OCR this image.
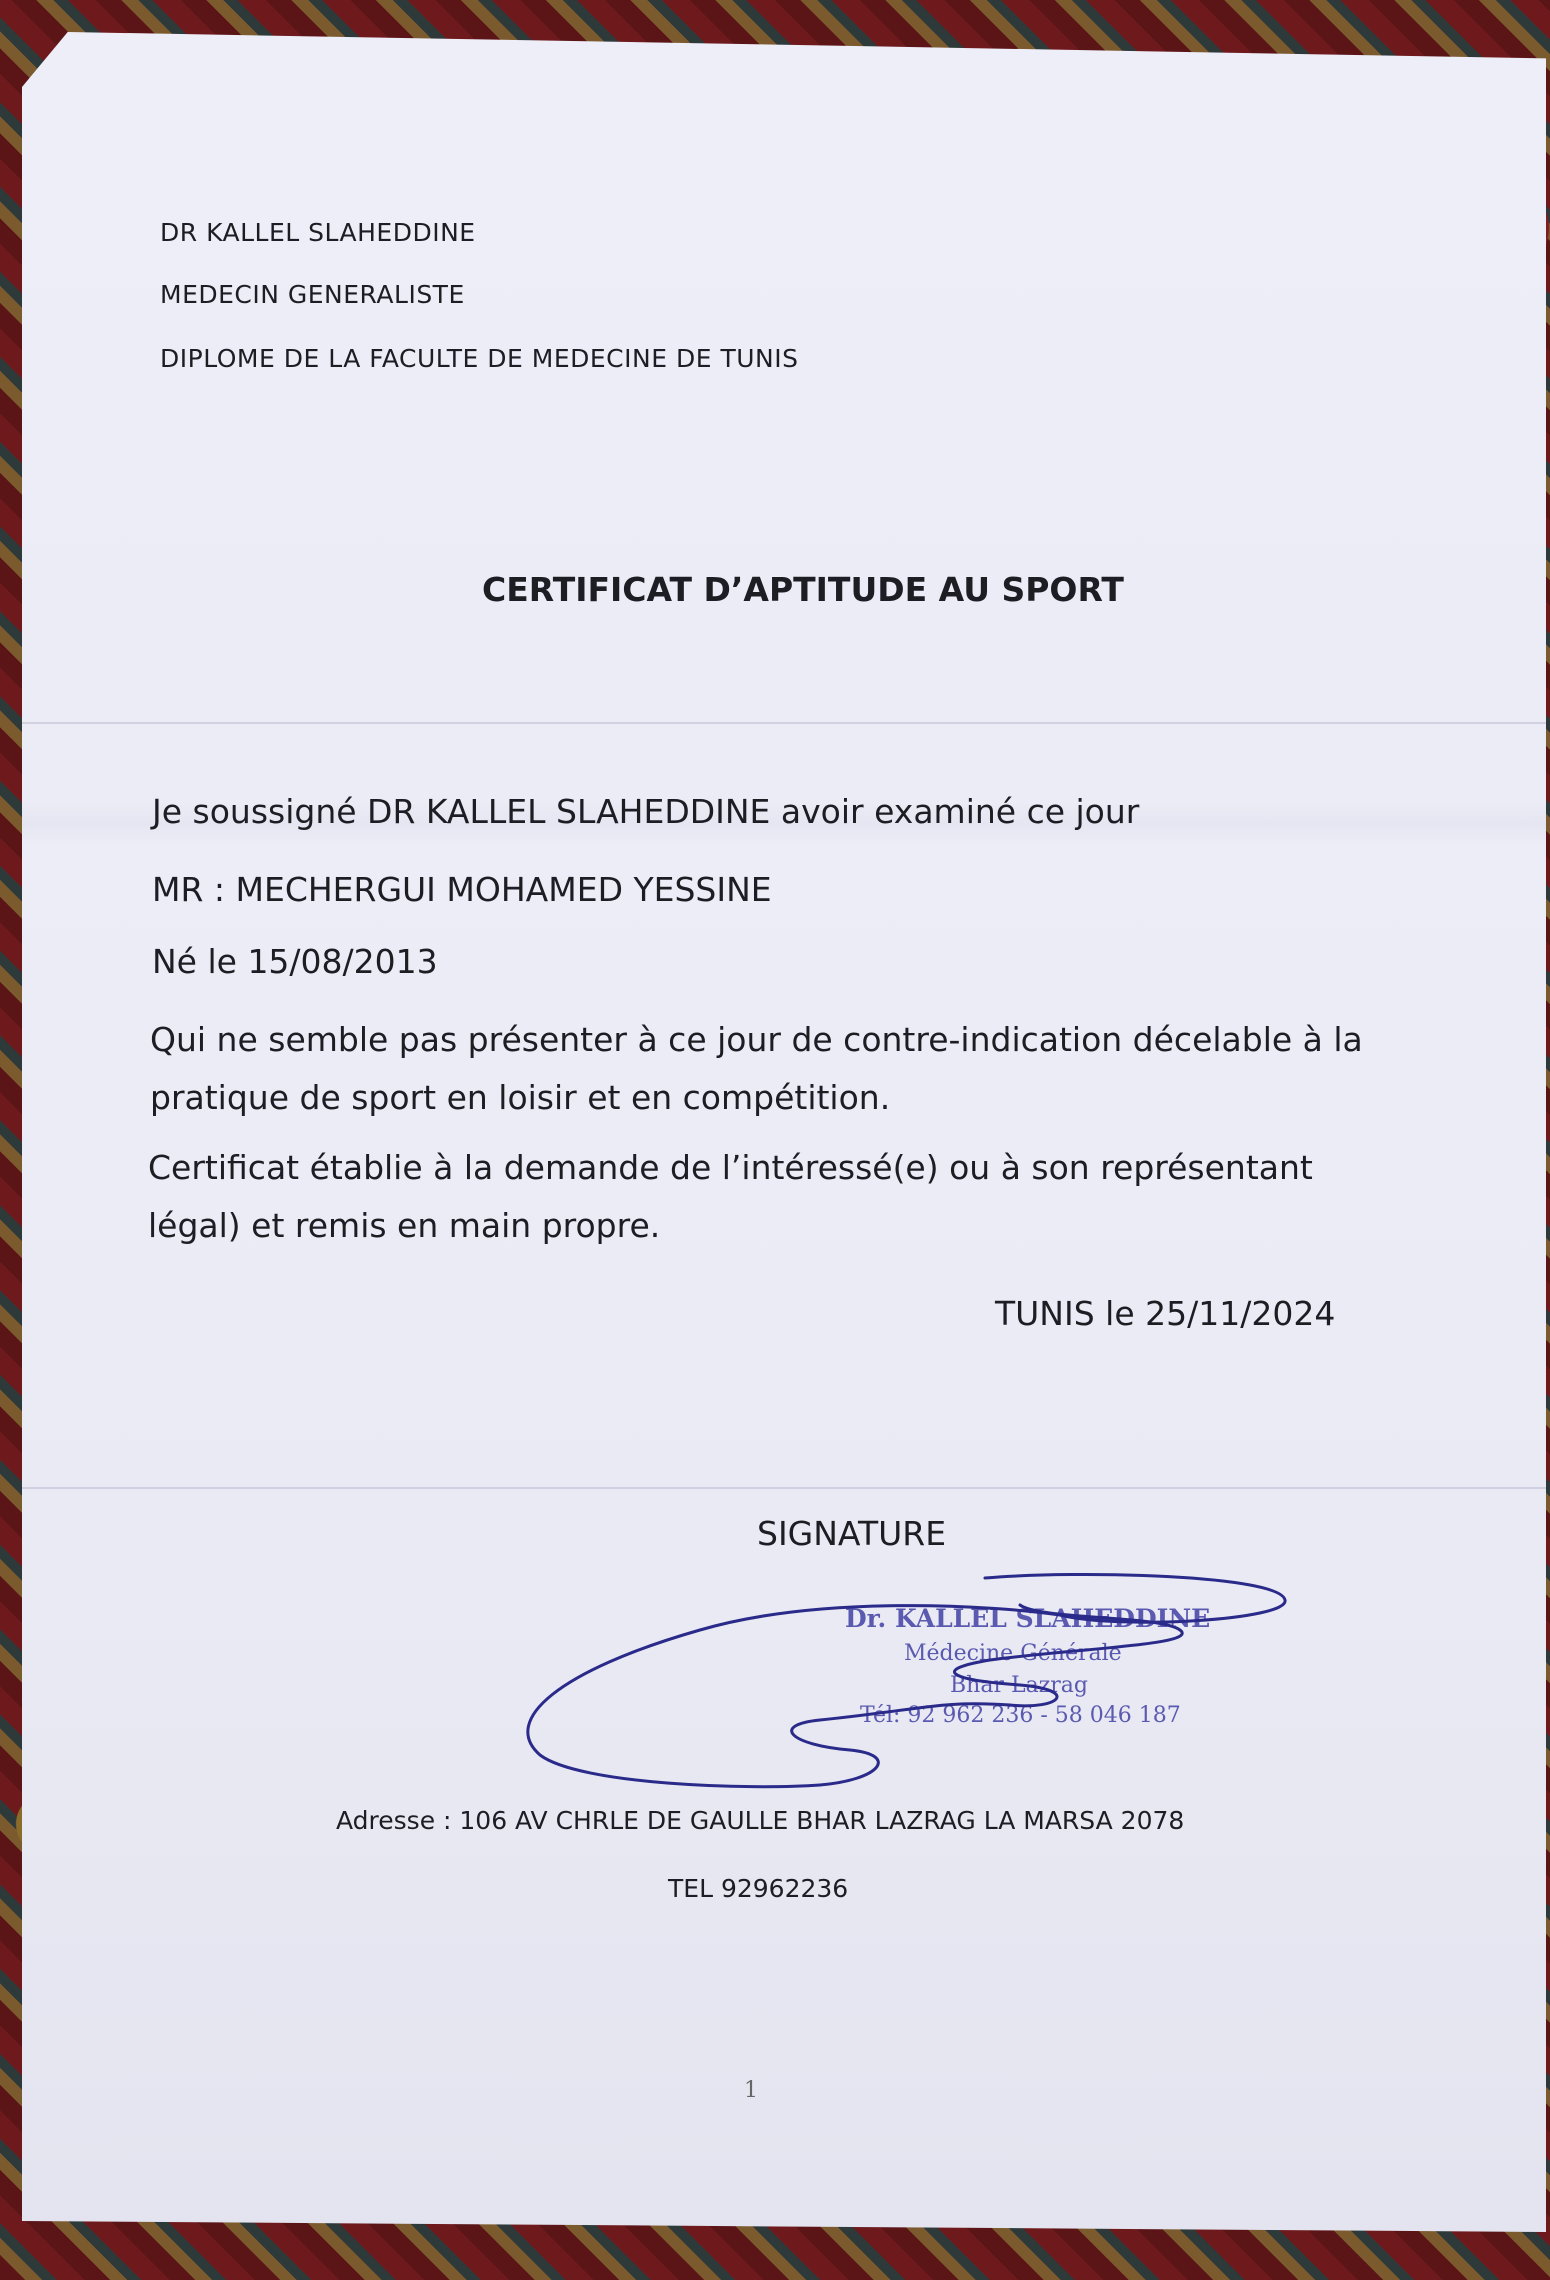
DR KALLEL SLAHEDDINE
MEDECIN GENERALISTE
DIPLOME DE LA FACULTE DE MEDECINE DE TUNIS
CERTIFICAT D’APTITUDE AU SPORT
Je soussigné DR KALLEL SLAHEDDINE avoir examiné ce jour
MR : MECHERGUI MOHAMED YESSINE
Né le 15/08/2013
Qui ne semble pas présenter à ce jour de contre-indication décelable à la
pratique de sport en loisir et en compétition.
Certificat établie à la demande de l’intéressé(e) ou à son représentant
légal) et remis en main propre.
TUNIS le 25/11/2024
SIGNATURE
Dr. KALLEL SLAHEDDINE
Médecine Générale
Bhar Lazrag
Tél: 92 962 236 - 58 046 187
Adresse : 106 AV CHRLE DE GAULLE BHAR LAZRAG LA MARSA 2078
TEL 92962236
1
